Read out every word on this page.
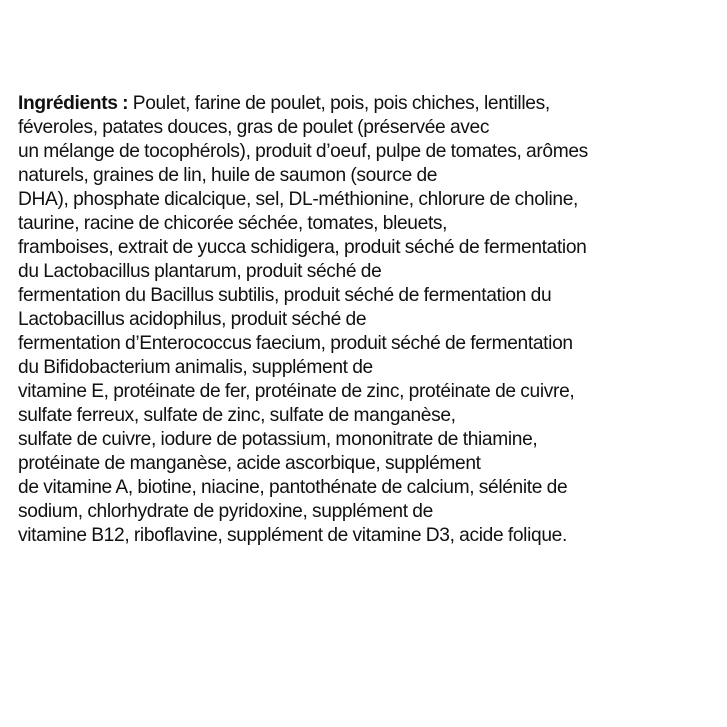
Ingrédients : Poulet, farine de poulet, pois, pois chiches, lentilles,
féveroles, patates douces, gras de poulet (préservée avec
un mélange de tocophérols), produit d’oeuf, pulpe de tomates, arômes
naturels, graines de lin, huile de saumon (source de
DHA), phosphate dicalcique, sel, DL-méthionine, chlorure de choline,
taurine, racine de chicorée séchée, tomates, bleuets,
framboises, extrait de yucca schidigera, produit séché de fermentation
du Lactobacillus plantarum, produit séché de
fermentation du Bacillus subtilis, produit séché de fermentation du
Lactobacillus acidophilus, produit séché de
fermentation d’Enterococcus faecium, produit séché de fermentation
du Bifidobacterium animalis, supplément de
vitamine E, protéinate de fer, protéinate de zinc, protéinate de cuivre,
sulfate ferreux, sulfate de zinc, sulfate de manganèse,
sulfate de cuivre, iodure de potassium, mononitrate de thiamine,
protéinate de manganèse, acide ascorbique, supplément
de vitamine A, biotine, niacine, pantothénate de calcium, sélénite de
sodium, chlorhydrate de pyridoxine, supplément de
vitamine B12, riboflavine, supplément de vitamine D3, acide folique.
